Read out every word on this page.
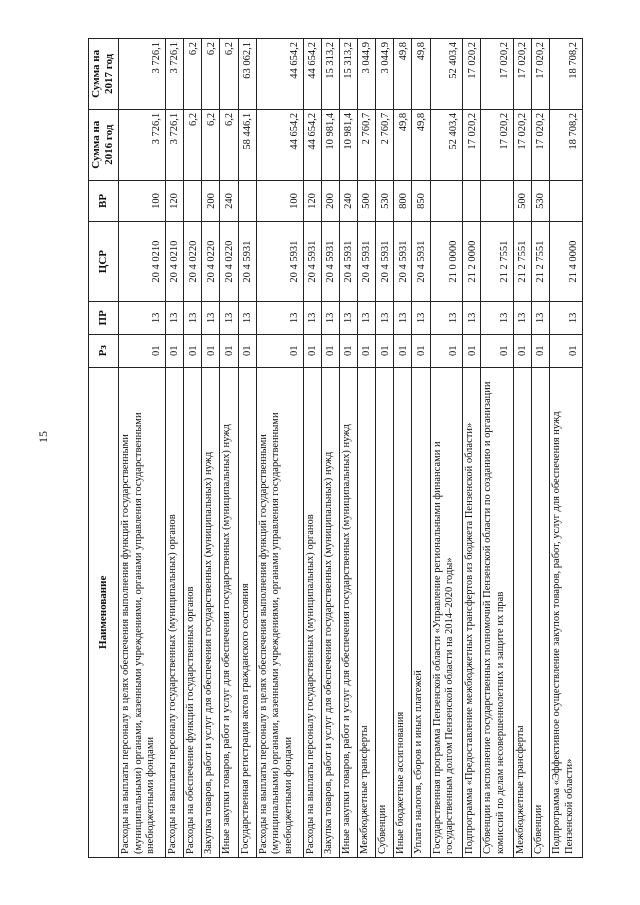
15
Наименование	Рз	ПР	ЦСР	ВР	Сумма на 2016 год	Сумма на 2017 год
Расходы на выплаты персоналу в целях обеспечения выполнения функций государственными (муниципальными) органами, казенными учреждениями, органами управления государственными внебюджетными фондами	01	13	20 4 0210	100	3 726,1	3 726,1
Расходы на выплаты персоналу государственных (муниципальных) органов	01	13	20 4 0210	120	3 726,1	3 726,1
Расходы на обеспечение функций государственных органов	01	13	20 4 0220		6,2	6,2
Закупка товаров, работ и услуг для обеспечения государственных (муниципальных) нужд	01	13	20 4 0220	200	6,2	6,2
Иные закупки товаров, работ и услуг для обеспечения государственных (муниципальных) нужд	01	13	20 4 0220	240	6,2	6,2
Государственная регистрация актов гражданского состояния	01	13	20 4 5931		58 446,1	63 062,1
Расходы на выплаты персоналу в целях обеспечения выполнения функций государственными (муниципальными) органами, казенными учреждениями, органами управления государственными внебюджетными фондами	01	13	20 4 5931	100	44 654,2	44 654,2
Расходы на выплаты персоналу государственных (муниципальных) органов	01	13	20 4 5931	120	44 654,2	44 654,2
Закупка товаров, работ и услуг для обеспечения государственных (муниципальных) нужд	01	13	20 4 5931	200	10 981,4	15 313,2
Иные закупки товаров, работ и услуг для обеспечения государственных (муниципальных) нужд	01	13	20 4 5931	240	10 981,4	15 313,2
Межбюджетные трансферты	01	13	20 4 5931	500	2 760,7	3 044,9
Субвенции	01	13	20 4 5931	530	2 760,7	3 044,9
Иные бюджетные ассигнования	01	13	20 4 5931	800	49,8	49,8
Уплата налогов, сборов и иных платежей	01	13	20 4 5931	850	49,8	49,8
Государственная программа Пензенской области «Управление региональными финансами и государственным долгом Пензенской области на 2014–2020 годы»	01	13	21 0 0000		52 403,4	52 403,4
Подпрограмма «Предоставление межбюджетных трансфертов из бюджета Пензенской области»	01	13	21 2 0000		17 020,2	17 020,2
Субвенции на исполнение государственных полномочий Пензенской области по созданию и организации комиссий по делам несовершеннолетних и защите их прав	01	13	21 2 7551		17 020,2	17 020,2
Межбюджетные трансферты	01	13	21 2 7551	500	17 020,2	17 020,2
Субвенции	01	13	21 2 7551	530	17 020,2	17 020,2
Подпрограмма «Эффективное осуществление закупок товаров, работ, услуг для обеспечения нужд Пензенской области»	01	13	21 4 0000		18 708,2	18 708,2
